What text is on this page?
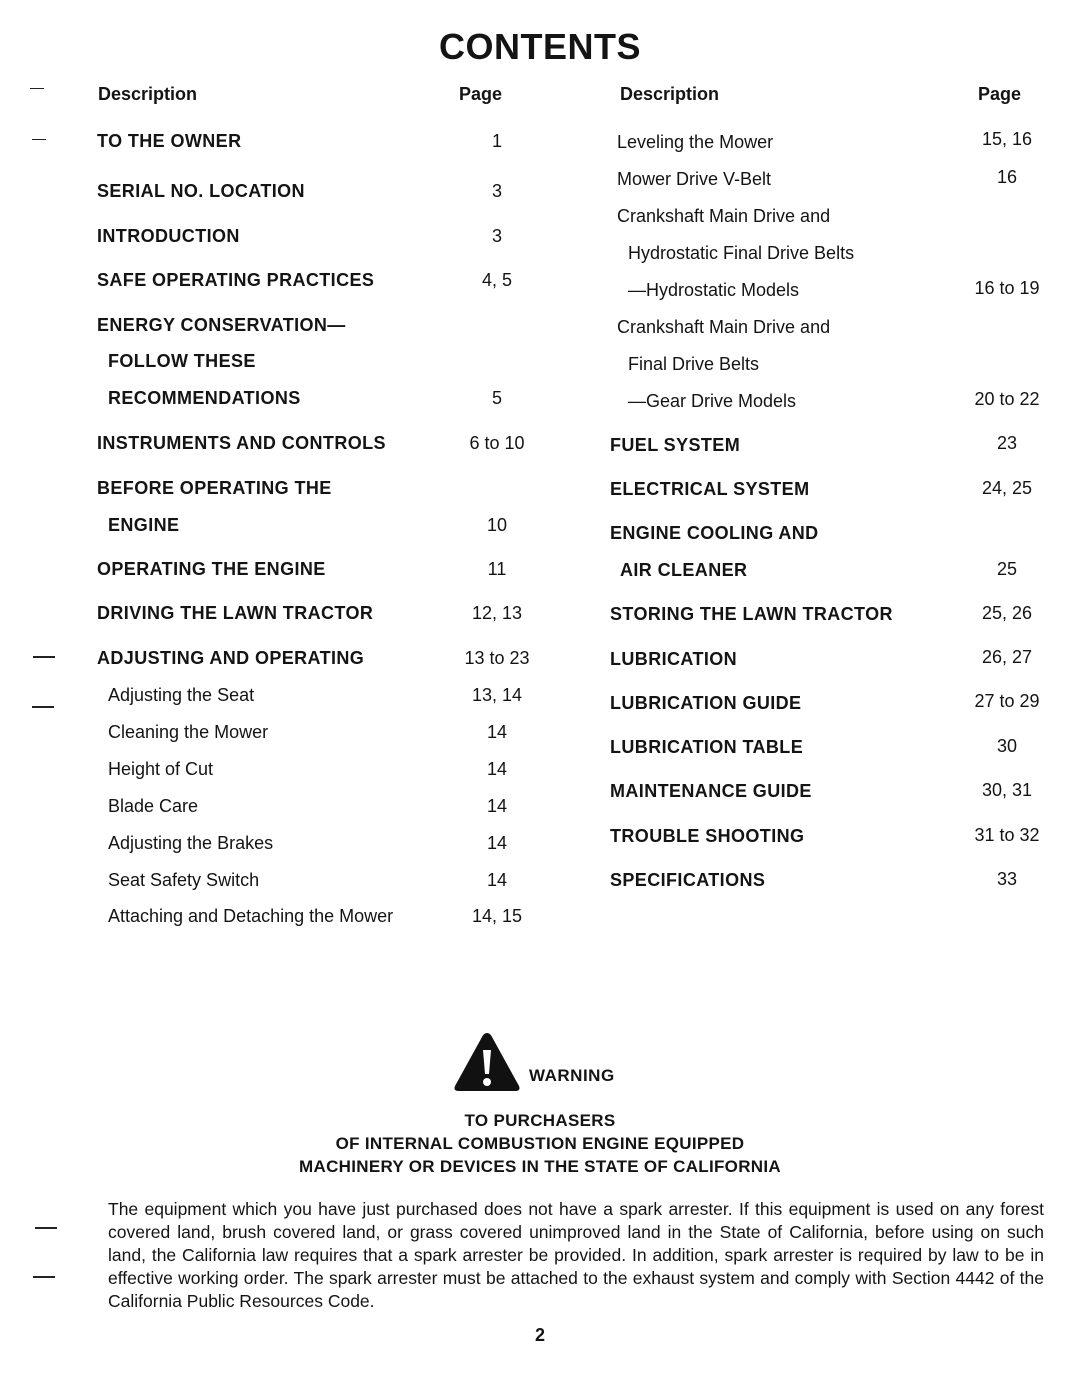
CONTENTS
Description	Page	Description	Page
TO THE OWNER	1
SERIAL NO. LOCATION	3
INTRODUCTION	3
SAFE OPERATING PRACTICES	4, 5
ENERGY CONSERVATION—
FOLLOW THESE
RECOMMENDATIONS	5
INSTRUMENTS AND CONTROLS	6 to 10
BEFORE OPERATING THE
ENGINE	10
OPERATING THE ENGINE	11
DRIVING THE LAWN TRACTOR	12, 13
ADJUSTING AND OPERATING	13 to 23
Adjusting the Seat	13, 14
Cleaning the Mower	14
Height of Cut	14
Blade Care	14
Adjusting the Brakes	14
Seat Safety Switch	14
Attaching and Detaching the Mower	14, 15
Leveling the Mower	15, 16
Mower Drive V-Belt	16
Crankshaft Main Drive and
Hydrostatic Final Drive Belts
—Hydrostatic Models	16 to 19
Crankshaft Main Drive and
Final Drive Belts
—Gear Drive Models	20 to 22
FUEL SYSTEM	23
ELECTRICAL SYSTEM	24, 25
ENGINE COOLING AND
AIR CLEANER	25
STORING THE LAWN TRACTOR	25, 26
LUBRICATION	26, 27
LUBRICATION GUIDE	27 to 29
LUBRICATION TABLE	30
MAINTENANCE GUIDE	30, 31
TROUBLE SHOOTING	31 to 32
SPECIFICATIONS	33
WARNING
TO PURCHASERS
OF INTERNAL COMBUSTION ENGINE EQUIPPED
MACHINERY OR DEVICES IN THE STATE OF CALIFORNIA
The equipment which you have just purchased does not have a spark arrester. If this equipment is used on any forest covered land, brush covered land, or grass covered unimproved land in the State of California, before using on such land, the California law requires that a spark arrester be provided. In addition, spark arrester is required by law to be in effective working order. The spark arrester must be attached to the exhaust system and comply with Section 4442 of the California Public Resources Code.
2
